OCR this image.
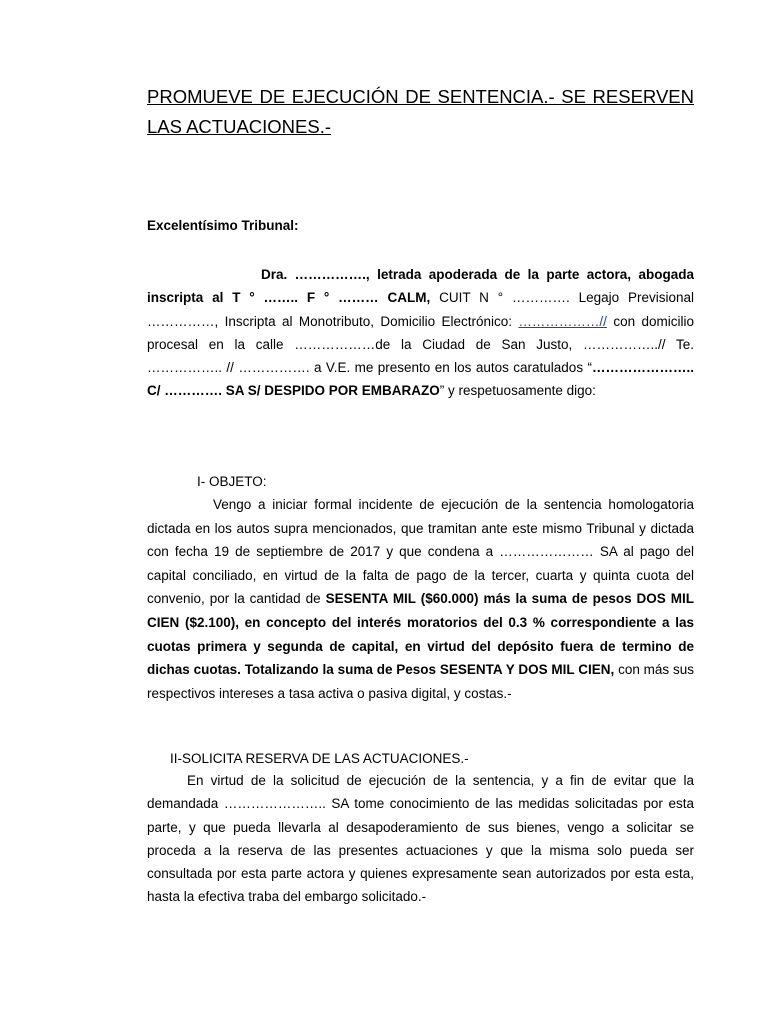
PROMUEVE DE EJECUCIÓN DE SENTENCIA.- SE RESERVEN LAS ACTUACIONES.-
Excelentísimo Tribunal:
Dra. ……………., letrada apoderada de la parte actora, abogada inscripta al T ° …….. F ° ……… CALM, CUIT N ° …………. Legajo Previsional ……………, Inscripta al Monotributo, Domicilio Electrónico: ………………// con domicilio procesal en la calle ………………de la Ciudad de San Justo, ……………..// Te. …………….. // ……………. a V.E. me presento en los autos caratulados “………………….. C/ …………. SA S/ DESPIDO POR EMBARAZO” y respetuosamente digo:
I- OBJETO:
Vengo a iniciar formal incidente de ejecución de la sentencia homologatoria dictada en los autos supra mencionados, que tramitan ante este mismo Tribunal y dictada con fecha 19 de septiembre de 2017 y que condena a ………………… SA al pago del capital conciliado, en virtud de la falta de pago de la tercer, cuarta y quinta cuota del convenio, por la cantidad de SESENTA MIL ($60.000) más la suma de pesos DOS MIL CIEN ($2.100), en concepto del interés moratorios del 0.3 % correspondiente a las cuotas primera y segunda de capital, en virtud del depósito fuera de termino de dichas cuotas. Totalizando la suma de Pesos SESENTA Y DOS MIL CIEN, con más sus respectivos intereses a tasa activa o pasiva digital, y costas.-
II-SOLICITA RESERVA DE LAS ACTUACIONES.-
En virtud de la solicitud de ejecución de la sentencia, y a fin de evitar que la demandada ………………….. SA tome conocimiento de las medidas solicitadas por esta parte, y que pueda llevarla al desapoderamiento de sus bienes, vengo a solicitar se proceda a la reserva de las presentes actuaciones y que la misma solo pueda ser consultada por esta parte actora y quienes expresamente sean autorizados por esta esta, hasta la efectiva traba del embargo solicitado.-
